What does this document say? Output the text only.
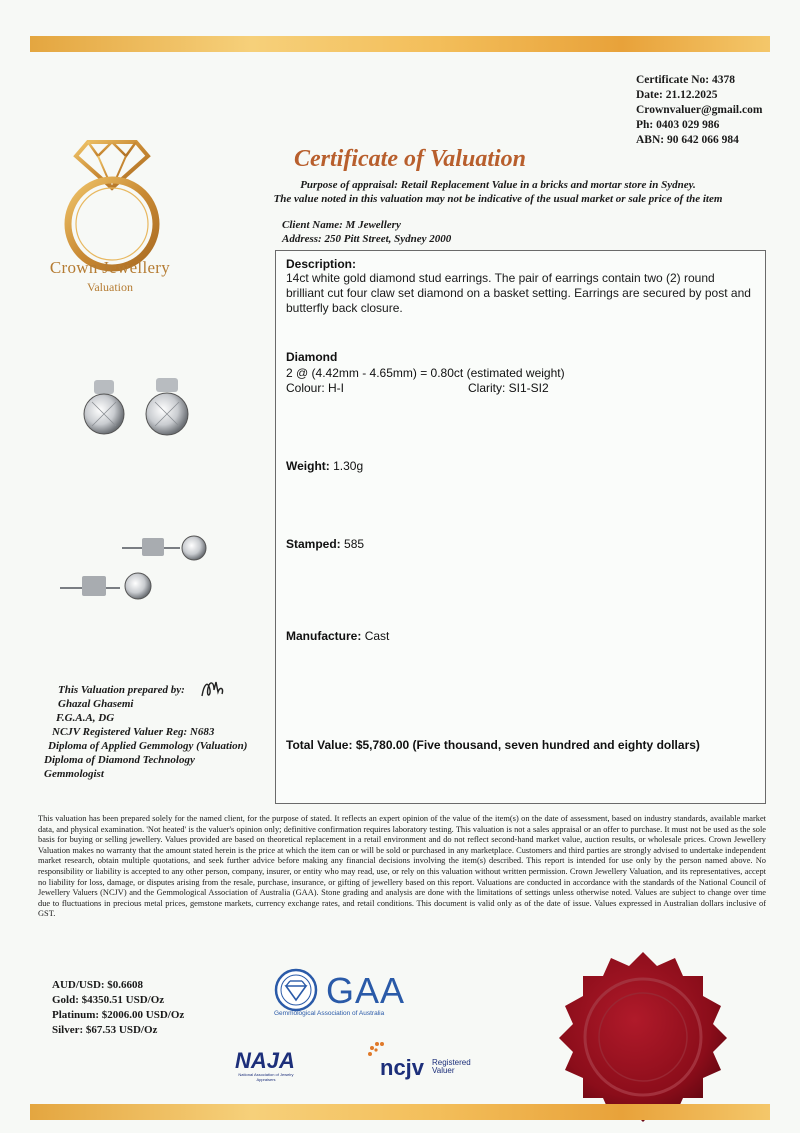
Certificate No: 4378
Date: 21.12.2025
Crownvaluer@gmail.com
Ph: 0403 029 986
ABN: 90 642 066 984
Crown Jewellery
Valuation
Certificate of Valuation
Purpose of appraisal: Retail Replacement Value in a bricks and mortar store in Sydney.
The value noted in this valuation may not be indicative of the usual market or sale price of the item
Client Name: M Jewellery
Address: 250 Pitt Street, Sydney 2000
Description:
14ct white gold diamond stud earrings. The pair of earrings contain two (2) round brilliant cut four claw set diamond on a basket setting. Earrings are secured by post and butterfly back closure.
Diamond
2 @ (4.42mm - 4.65mm) = 0.80ct (estimated weight)
Colour: H-I	Clarity: SI1-SI2
Weight: 1.30g
Stamped: 585
Manufacture: Cast
Total Value: $5,780.00 (Five thousand, seven hundred and eighty dollars)
This Valuation prepared by:
Ghazal Ghasemi
F.G.A.A, DG
NCJV Registered Valuer Reg: N683
Diploma of Applied Gemmology (Valuation)
Diploma of Diamond Technology
Gemmologist
This valuation has been prepared solely for the named client, for the purpose of stated. It reflects an expert opinion of the value of the item(s) on the date of assessment, based on industry standards, available market data, and physical examination. 'Not heated' is the valuer's opinion only; definitive confirmation requires laboratory testing. This valuation is not a sales appraisal or an offer to purchase. It must not be used as the sole basis for buying or selling jewellery. Values provided are based on theoretical replacement in a retail environment and do not reflect second-hand market value, auction results, or wholesale prices. Crown Jewellery Valuation makes no warranty that the amount stated herein is the price at which the item can or will be sold or purchased in any marketplace. Customers and third parties are strongly advised to undertake independent market research, obtain multiple quotations, and seek further advice before making any financial decisions involving the item(s) described. This report is intended for use only by the person named above. No responsibility or liability is accepted to any other person, company, insurer, or entity who may read, use, or rely on this valuation without written permission. Crown Jewellery Valuation, and its representatives, accept no liability for loss, damage, or disputes arising from the resale, purchase, insurance, or gifting of jewellery based on this report. Valuations are conducted in accordance with the standards of the National Council of Jewellery Valuers (NCJV) and the Gemmological Association of Australia (GAA). Stone grading and analysis are done with the limitations of settings unless otherwise noted. Values are subject to change over time due to fluctuations in precious metal prices, gemstone markets, currency exchange rates, and retail conditions. This document is valid only as of the date of issue. Values expressed in Australian dollars inclusive of GST.
AUD/USD: $0.6608
Gold: $4350.51 USD/Oz
Platinum: $2006.00 USD/Oz
Silver: $67.53 USD/Oz
GAA
Gemmological Association of Australia
NAJA
National Association of Jewelry Appraisers	ncjv Registered
Valuer
